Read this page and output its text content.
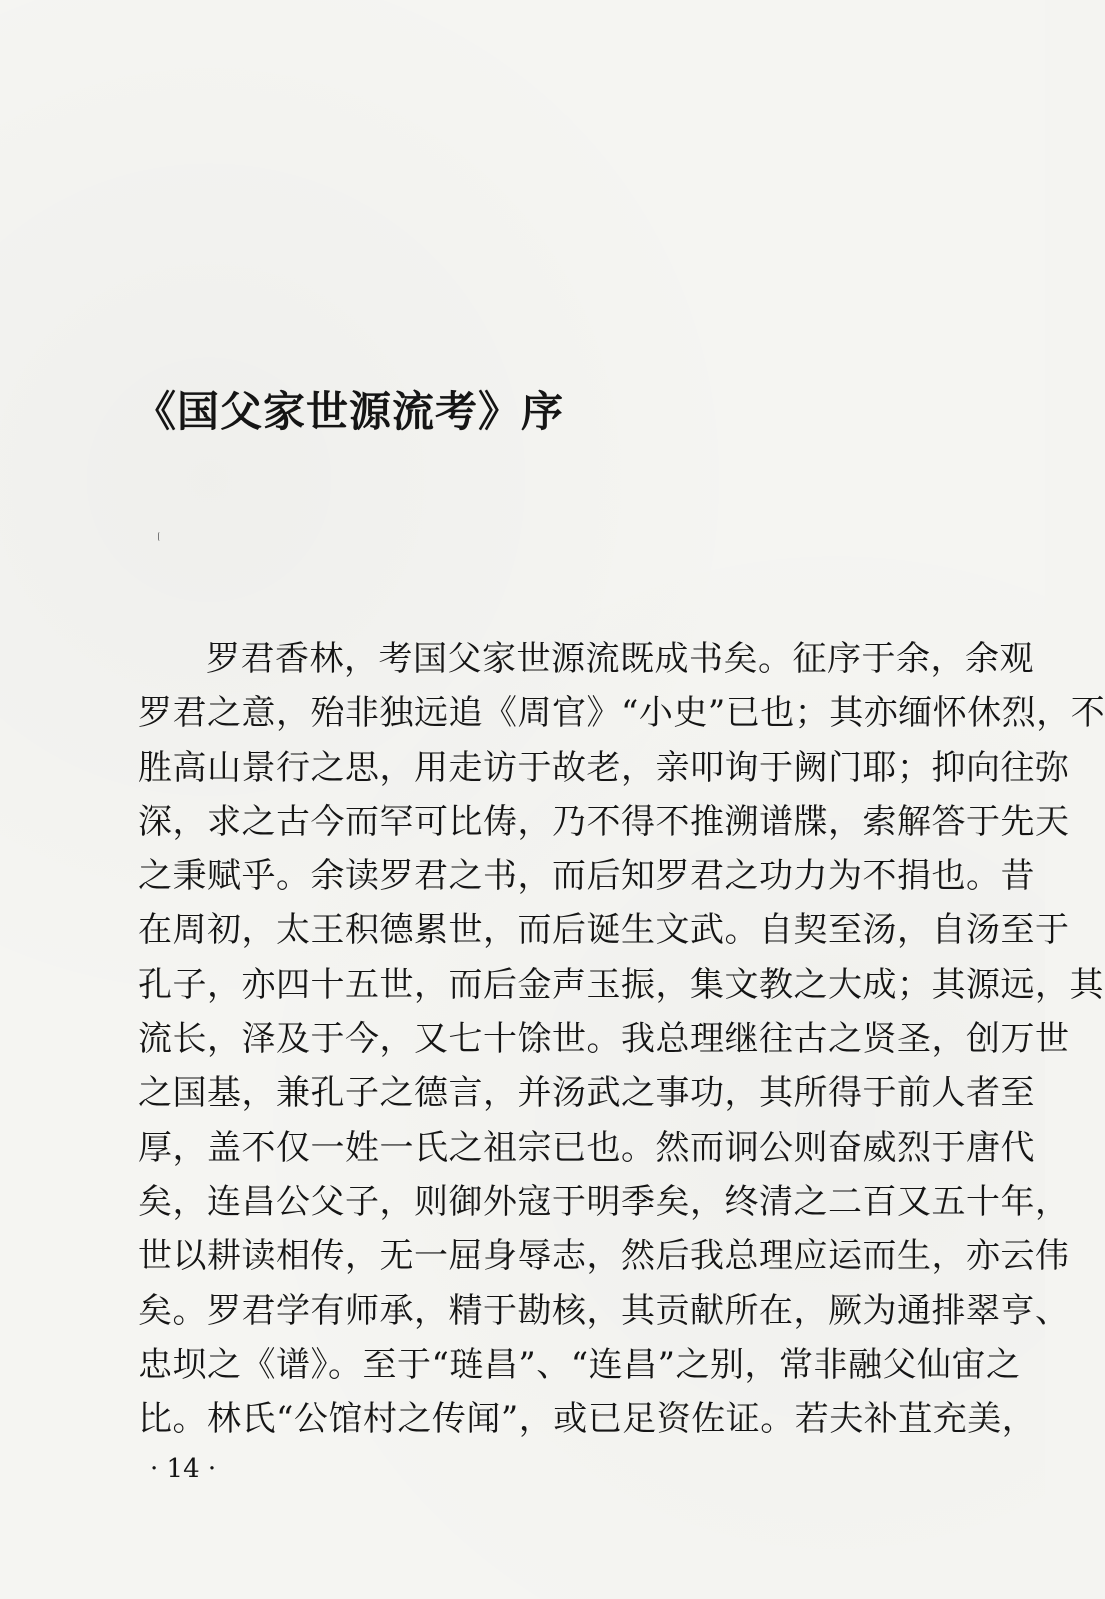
《国父家世源流考》序
罗君香林，考国父家世源流既成书矣。征序于余，余观
罗君之意，殆非独远追《周官》“小史”已也；其亦缅怀休烈，不
胜高山景行之思，用走访于故老，亲叩询于阙门耶；抑向往弥
深，求之古今而罕可比俦，乃不得不推溯谱牒，索解答于先天
之秉赋乎。余读罗君之书，而后知罗君之功力为不捐也。昔
在周初，太王积德累世，而后诞生文武。自契至汤，自汤至于
孔子，亦四十五世，而后金声玉振，集文教之大成；其源远，其
流长，泽及于今，又七十馀世。我总理继往古之贤圣，创万世
之国基，兼孔子之德言，并汤武之事功，其所得于前人者至
厚，盖不仅一姓一氏之祖宗已也。然而诇公则奋威烈于唐代
矣，连昌公父子，则御外寇于明季矣，终清之二百又五十年，
世以耕读相传，无一屈身辱志，然后我总理应运而生，亦云伟
矣。罗君学有师承，精于勘核，其贡献所在，厥为通排翠亨、
忠坝之《谱》。至于“琏昌”、“连昌”之别，常非融父仙宙之
比。林氏“公馆村之传闻”，或已足资佐证。若夫补苴充美，
· 14 ·
